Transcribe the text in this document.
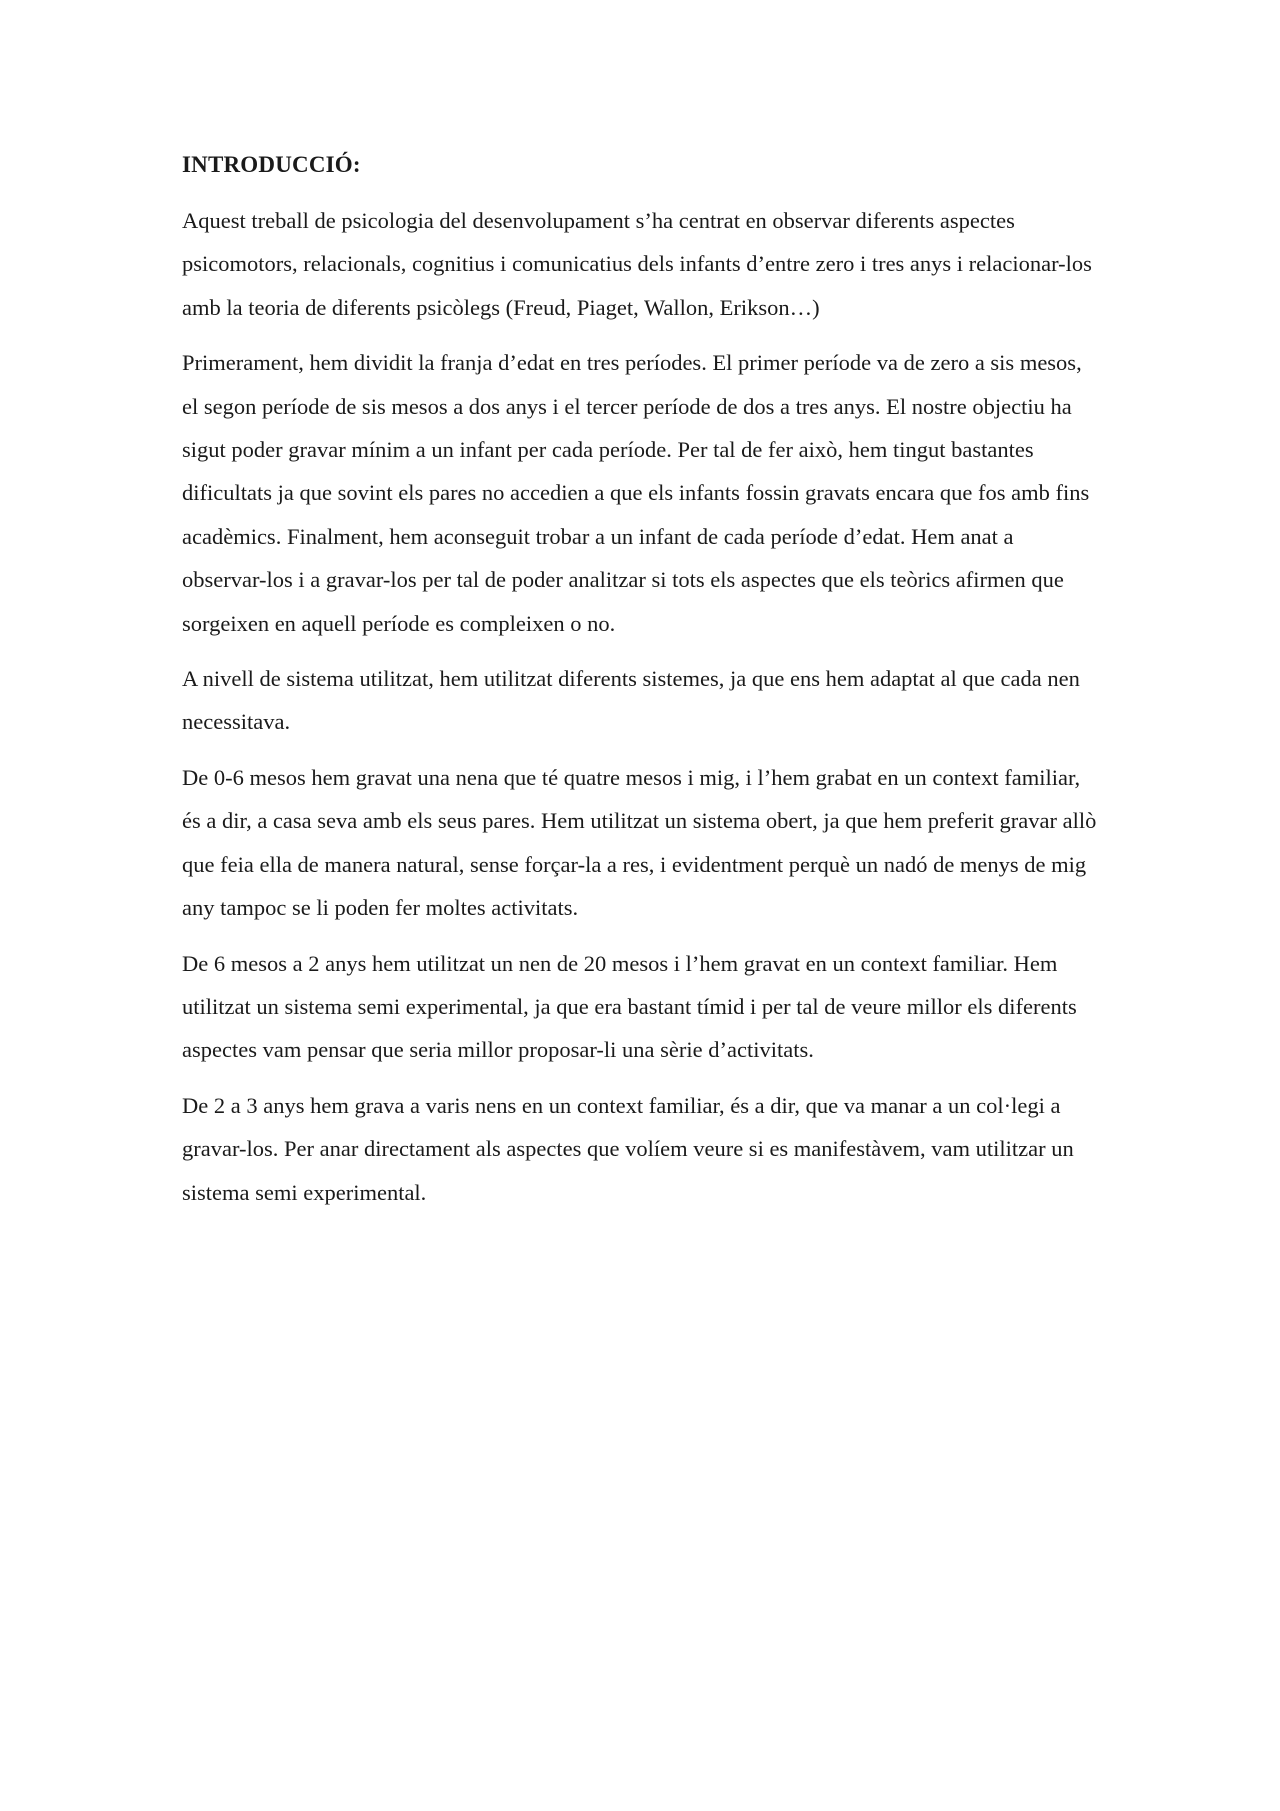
INTRODUCCIÓ:

Aquest treball de psicologia del desenvolupament s’ha centrat en observar diferents aspectes psicomotors, relacionals, cognitius i comunicatius dels infants d’entre zero i tres anys i relacionar-los amb la teoria de diferents psicòlegs (Freud, Piaget, Wallon, Erikson…)

Primerament, hem dividit la franja d’edat en tres períodes. El primer període va de zero a sis mesos, el segon període de sis mesos a dos anys i el tercer període de dos a tres anys. El nostre objectiu ha sigut poder gravar mínim a un infant per cada període. Per tal de fer això, hem tingut bastantes dificultats ja que sovint els pares no accedien a que els infants fossin gravats encara que fos amb fins acadèmics. Finalment, hem aconseguit trobar a un infant de cada període d’edat. Hem anat a observar-los i a gravar-los per tal de poder analitzar si tots els aspectes que els teòrics afirmen que sorgeixen en aquell període es compleixen o no.

A nivell de sistema utilitzat, hem utilitzat diferents sistemes, ja que ens hem adaptat al que cada nen necessitava.

De 0-6 mesos hem gravat una nena que té quatre mesos i mig, i l’hem grabat en un context familiar, és a dir, a casa seva amb els seus pares. Hem utilitzat un sistema obert, ja que hem preferit gravar allò que feia ella de manera natural, sense forçar-la a res, i evidentment perquè un nadó de menys de mig any tampoc se li poden fer moltes activitats.

De 6 mesos a 2 anys hem utilitzat un nen de 20 mesos i l’hem gravat en un context familiar. Hem utilitzat un sistema semi experimental, ja que era bastant tímid i per tal de veure millor els diferents aspectes vam pensar que seria millor proposar-li una sèrie d’activitats.

De 2 a 3 anys hem grava a varis nens en un context familiar, és a dir, que va manar a un col·legi a gravar-los. Per anar directament als aspectes que volíem veure si es manifestàvem, vam utilitzar un sistema semi experimental.
